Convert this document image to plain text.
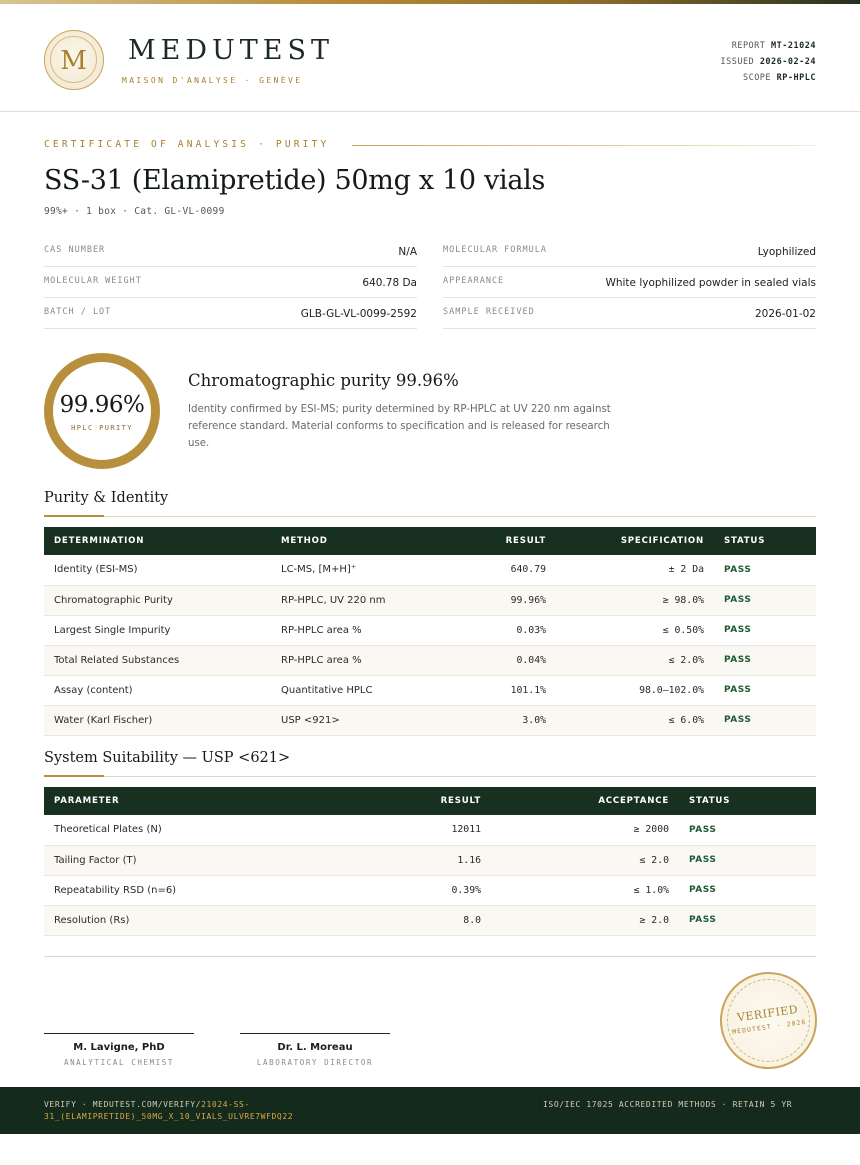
M	MEDUTEST
MAISON D'ANALYSE · GENÈVE
REPORT MT-21024
ISSUED 2026-02-24
SCOPE RP-HPLC
CERTIFICATE OF ANALYSIS · PURITY
SS-31 (Elamipretide) 50mg x 10 vials
99%+ · 1 box · Cat. GL-VL-0099
CAS NUMBER	N/A
MOLECULAR WEIGHT	640.78 Da
BATCH / LOT	GLB-GL-VL-0099-2592
MOLECULAR FORMULA	Lyophilized
APPEARANCE	White lyophilized powder in sealed vials
SAMPLE RECEIVED	2026-01-02
99.96%
HPLC PURITY
Chromatographic purity 99.96%
Identity confirmed by ESI-MS; purity determined by RP-HPLC at UV 220 nm against reference standard. Material conforms to specification and is released for research use.
Purity & Identity
DETERMINATION	METHOD	RESULT	SPECIFICATION	STATUS
Identity (ESI-MS)	LC-MS, [M+H]⁺	640.79	± 2 Da	PASS
Chromatographic Purity	RP-HPLC, UV 220 nm	99.96%	≥ 98.0%	PASS
Largest Single Impurity	RP-HPLC area %	0.03%	≤ 0.50%	PASS
Total Related Substances	RP-HPLC area %	0.04%	≤ 2.0%	PASS
Assay (content)	Quantitative HPLC	101.1%	98.0–102.0%	PASS
Water (Karl Fischer)	USP <921>	3.0%	≤ 6.0%	PASS
System Suitability — USP <621>
PARAMETER	RESULT	ACCEPTANCE	STATUS
Theoretical Plates (N)	12011	≥ 2000	PASS
Tailing Factor (T)	1.16	≤ 2.0	PASS
Repeatability RSD (n=6)	0.39%	≤ 1.0%	PASS
Resolution (Rs)	8.0	≥ 2.0	PASS
M. Lavigne, PhD
ANALYTICAL CHEMIST
Dr. L. Moreau
LABORATORY DIRECTOR
VERIFIED
MEDUTEST · 2026
VERIFY · MEDUTEST.COM/VERIFY/21024-SS-31_(ELAMIPRETIDE)_50MG_X_10_VIALS_ULVRE7WFDQ22
ISO/IEC 17025 ACCREDITED METHODS · RETAIN 5 YR
